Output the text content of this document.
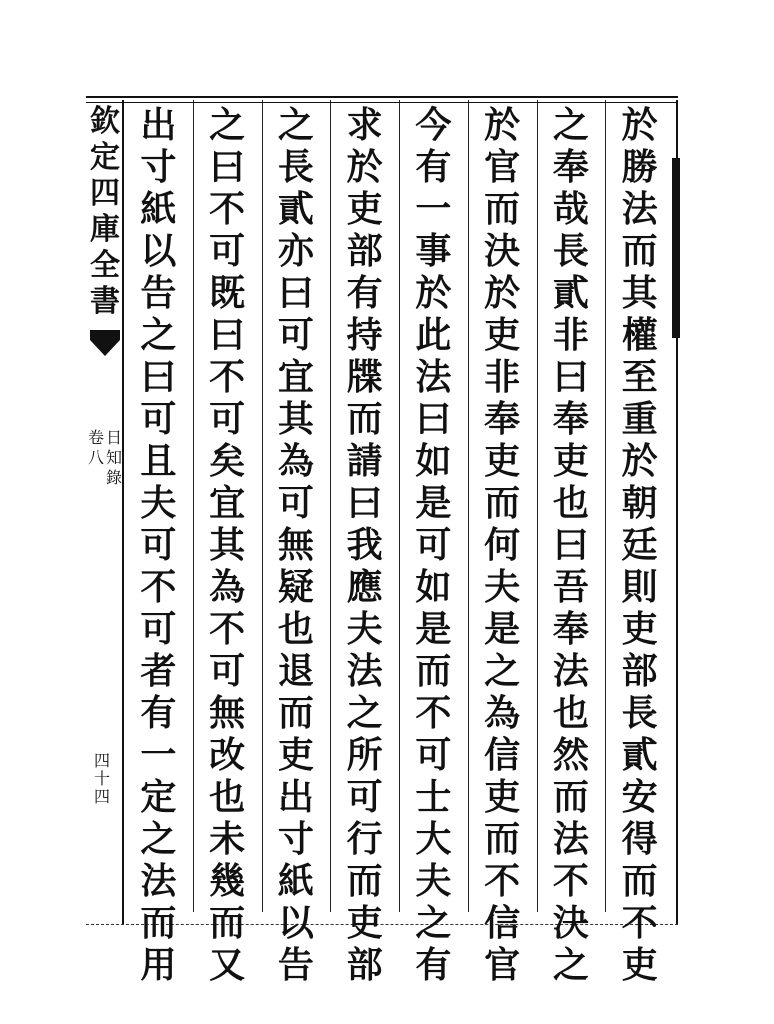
欽
定
四
庫
全
書
日
知
錄
卷
八
四
十
四
於
勝
法
而
其
權
至
重
於
朝
廷
則
吏
部
長
貳
安
得
而
不
吏
之
奉
哉
長
貳
非
曰
奉
吏
也
曰
吾
奉
法
也
然
而
法
不
決
之
於
官
而
決
於
吏
非
奉
吏
而
何
夫
是
之
為
信
吏
而
不
信
官
今
有
一
事
於
此
法
曰
如
是
可
如
是
而
不
可
士
大
夫
之
有
求
於
吏
部
有
持
牒
而
請
曰
我
應
夫
法
之
所
可
行
而
吏
部
之
長
貳
亦
曰
可
宜
其
為
可
無
疑
也
退
而
吏
出
寸
紙
以
告
之
曰
不
可
既
曰
不
可
矣
宜
其
為
不
可
無
改
也
未
幾
而
又
出
寸
紙
以
告
之
曰
可
且
夫
可
不
可
者
有
一
定
之
法
而
用
